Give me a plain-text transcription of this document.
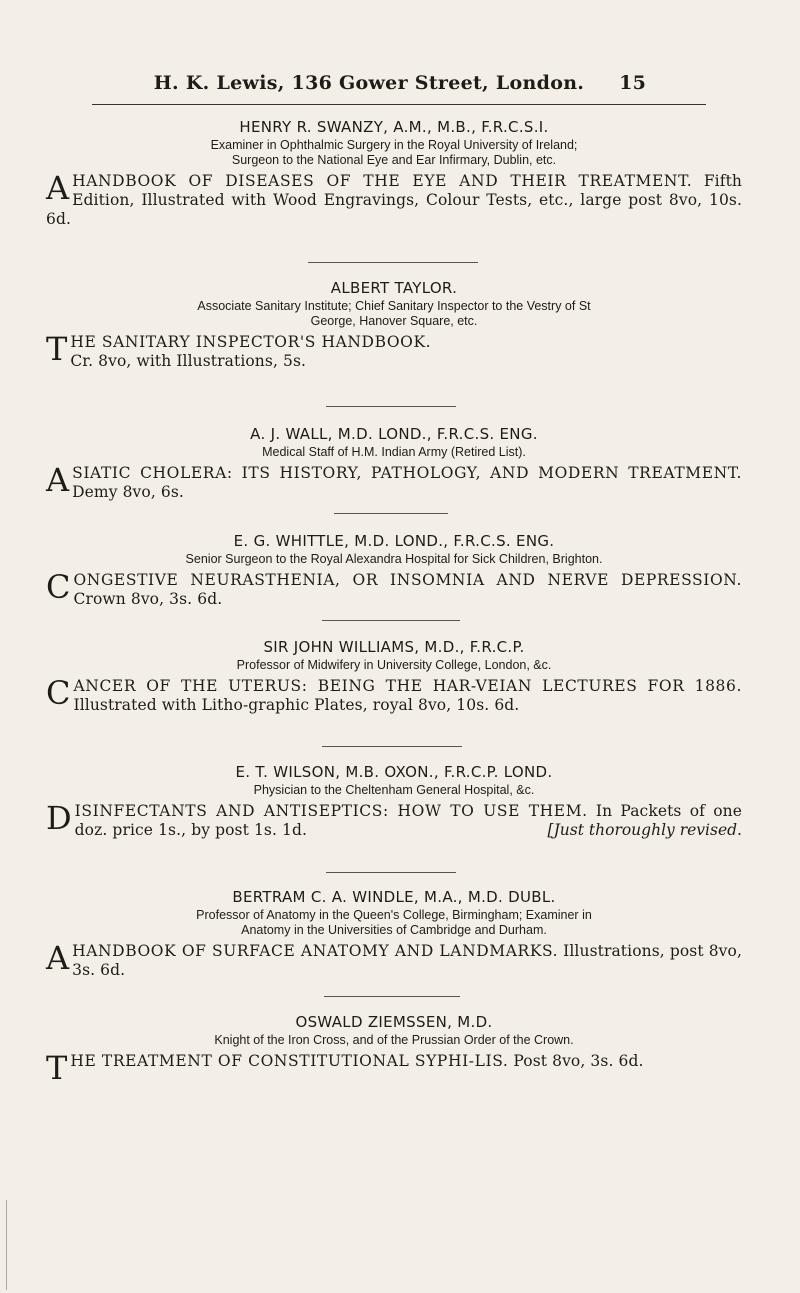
H. K. Lewis, 136 Gower Street, London. 15
HENRY R. SWANZY, A.M., M.B., F.R.C.S.I.
Examiner in Ophthalmic Surgery in the Royal University of Ireland;
Surgeon to the National Eye and Ear Infirmary, Dublin, etc.
A HANDBOOK OF DISEASES OF THE EYE AND THEIR TREATMENT. Fifth Edition, Illustrated with Wood Engravings, Colour Tests, etc., large post 8vo, 10s. 6d.
ALBERT TAYLOR.
Associate Sanitary Institute; Chief Sanitary Inspector to the Vestry of St
George, Hanover Square, etc.
T HE SANITARY INSPECTOR'S HANDBOOK.
Cr. 8vo, with Illustrations, 5s.
A. J. WALL, M.D. LOND., F.R.C.S. ENG.
Medical Staff of H.M. Indian Army (Retired List).
A SIATIC CHOLERA: ITS HISTORY, PATHOLOGY, AND MODERN TREATMENT. Demy 8vo, 6s.
E. G. WHITTLE, M.D. LOND., F.R.C.S. ENG.
Senior Surgeon to the Royal Alexandra Hospital for Sick Children, Brighton.
C ONGESTIVE NEURASTHENIA, OR INSOMNIA AND NERVE DEPRESSION. Crown 8vo, 3s. 6d.
SIR JOHN WILLIAMS, M.D., F.R.C.P.
Professor of Midwifery in University College, London, &c.
C ANCER OF THE UTERUS: BEING THE HAR-VEIAN LECTURES FOR 1886. Illustrated with Litho-graphic Plates, royal 8vo, 10s. 6d.
E. T. WILSON, M.B. OXON., F.R.C.P. LOND.
Physician to the Cheltenham General Hospital, &c.
D ISINFECTANTS AND ANTISEPTICS: HOW TO USE THEM. In Packets of one doz. price 1s., by post 1s. 1d.	[Just thoroughly revised.
BERTRAM C. A. WINDLE, M.A., M.D. DUBL.
Professor of Anatomy in the Queen's College, Birmingham; Examiner in
Anatomy in the Universities of Cambridge and Durham.
A HANDBOOK OF SURFACE ANATOMY AND LANDMARKS. Illustrations, post 8vo, 3s. 6d.
OSWALD ZIEMSSEN, M.D.
Knight of the Iron Cross, and of the Prussian Order of the Crown.
T HE TREATMENT OF CONSTITUTIONAL SYPHI-LIS. Post 8vo, 3s. 6d.
